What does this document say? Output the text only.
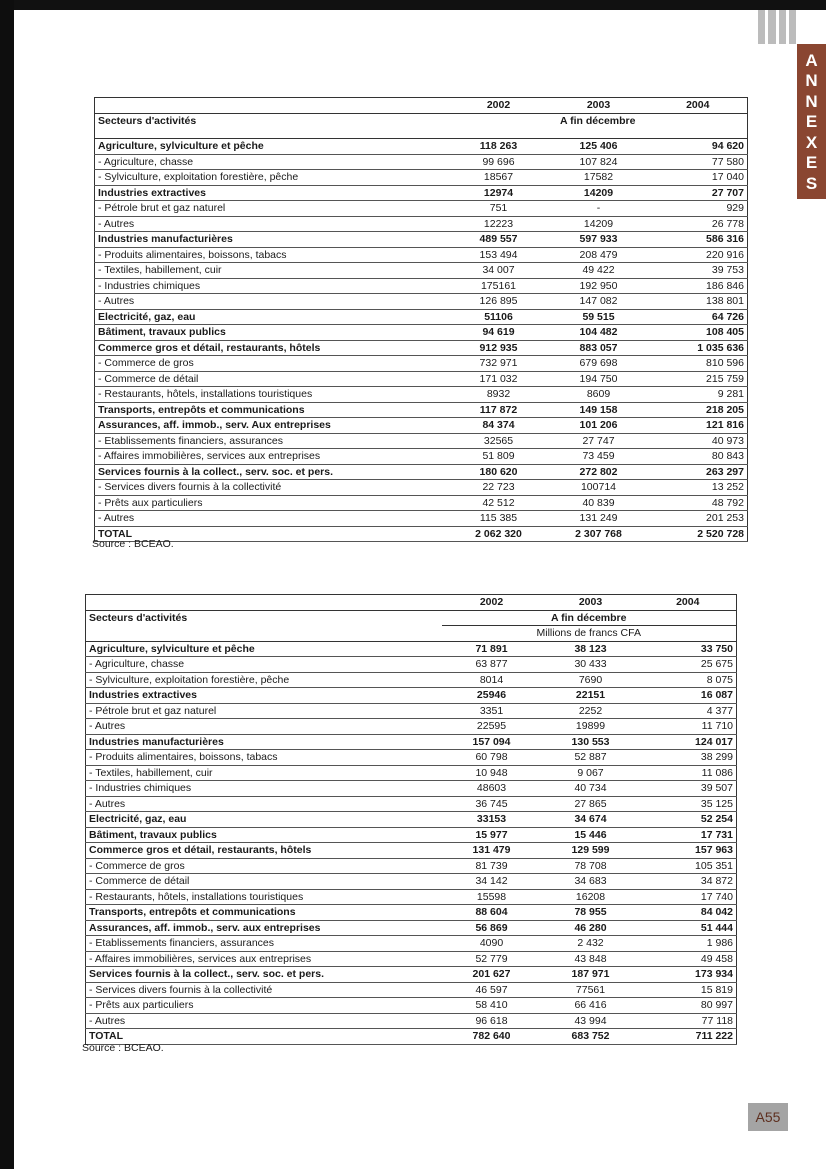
A
N
N
E
X
E
S
	2002	2003	2004
Secteurs d'activités	A fin décembre		

Agriculture, sylviculture et pêche	118 263	125 406	94 620
- Agriculture, chasse	99 696	107 824	77 580
- Sylviculture, exploitation forestière, pêche	18567	17582	17 040
Industries extractives	12974	14209	27 707
- Pétrole brut et gaz naturel	751	-	929
- Autres	12223	14209	26 778
Industries manufacturières	489 557	597 933	586 316
- Produits alimentaires, boissons, tabacs	153 494	208 479	220 916
- Textiles, habillement, cuir	34 007	49 422	39 753
- Industries chimiques	175161	192 950	186 846
- Autres	126 895	147 082	138 801
Electricité, gaz, eau	51106	59 515	64 726
Bâtiment, travaux publics	94 619	104 482	108 405
Commerce gros et détail, restaurants, hôtels	912 935	883 057	1 035 636
- Commerce de gros	732 971	679 698	810 596
- Commerce de détail	171 032	194 750	215 759
- Restaurants, hôtels, installations touristiques	8932	8609	9 281
Transports, entrepôts et communications	117 872	149 158	218 205
Assurances, aff. immob., serv. Aux entreprises	84 374	101 206	121 816
- Etablissements financiers, assurances	32565	27 747	40 973
- Affaires immobilières, services aux entreprises	51 809	73 459	80 843
Services fournis à la collect., serv. soc. et pers.	180 620	272 802	263 297
- Services divers fournis à la collectivité	22 723	100714	13 252
- Prêts aux particuliers	42 512	40 839	48 792
- Autres	115 385	131 249	201 253
TOTAL	2 062 320	2 307 768	2 520 728
Source : BCEAO.
	2002	2003	2004
Secteurs d'activités	A fin décembre		
	Millions de francs CFA		
Agriculture, sylviculture et pêche	71 891	38 123	33 750
- Agriculture, chasse	63 877	30 433	25 675
- Sylviculture, exploitation forestière, pêche	8014	7690	8 075
Industries extractives	25946	22151	16 087
- Pétrole brut et gaz naturel	3351	2252	4 377
- Autres	22595	19899	11 710
Industries manufacturières	157 094	130 553	124 017
- Produits alimentaires, boissons, tabacs	60 798	52 887	38 299
- Textiles, habillement, cuir	10 948	9 067	11 086
- Industries chimiques	48603	40 734	39 507
- Autres	36 745	27 865	35 125
Electricité, gaz, eau	33153	34 674	52 254
Bâtiment, travaux publics	15 977	15 446	17 731
Commerce gros et détail, restaurants, hôtels	131 479	129 599	157 963
- Commerce de gros	81 739	78 708	105 351
- Commerce de détail	34 142	34 683	34 872
- Restaurants, hôtels, installations touristiques	15598	16208	17 740
Transports, entrepôts et communications	88 604	78 955	84 042
Assurances, aff. immob., serv. aux entreprises	56 869	46 280	51 444
- Etablissements financiers, assurances	4090	2 432	1 986
- Affaires immobilières, services aux entreprises	52 779	43 848	49 458
Services fournis à la collect., serv. soc. et pers.	201 627	187 971	173 934
- Services divers fournis à la collectivité	46 597	77561	15 819
- Prêts aux particuliers	58 410	66 416	80 997
- Autres	96 618	43 994	77 118
TOTAL	782 640	683 752	711 222
Source : BCEAO.
A55
